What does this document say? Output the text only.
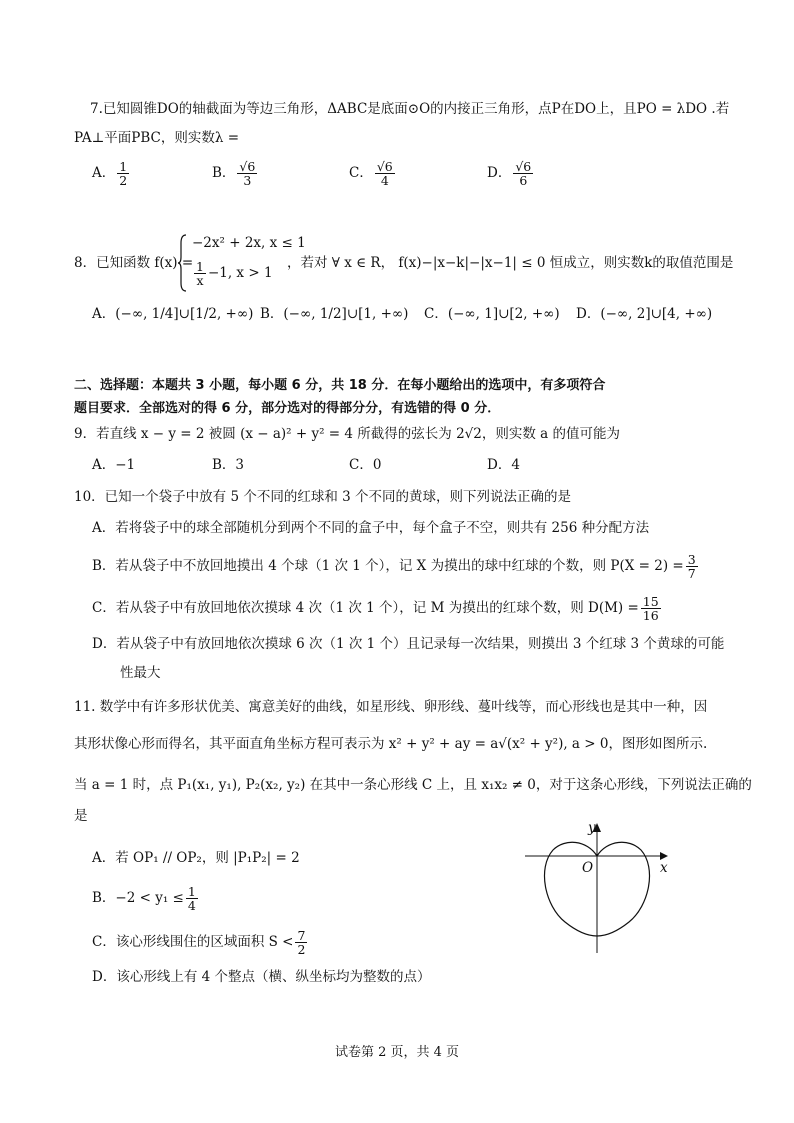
7.已知圆锥DO的轴截面为等边三角形，ΔABC是底面⊙O的内接正三角形，点P在DO上，且PO = λDO .若
PA⊥平面PBC，则实数λ =
A． $\frac{1}{2}$	B． $\frac{√6}{3}$	C． $\frac{√6}{4}$	D． $\frac{√6}{6}$
8．已知函数 f(x) =
−2x² + 2x, x ≤ 1
$\frac{1}{x} -1$, x > 1
，若对 ∀ x ∈ R， f(x)−|x−k|−|x−1| ≤ 0 恒成立，则实数k的取值范围是
A．(−∞, 1/4]∪[1/2, +∞) B．(−∞, 1/2]∪[1, +∞) C．(−∞, 1]∪[2, +∞) D．(−∞, 2]∪[4, +∞)
二、选择题：本题共 3 小题，每小题 6 分，共 18 分．在每小题给出的选项中，有多项符合
题目要求．全部选对的得 6 分，部分选对的得部分分，有选错的得 0 分．
9．若直线 x − y = 2 被圆 (x − a)² + y² = 4 所截得的弦长为 2√2，则实数 a 的值可能为
A．−1	B．3	C．0	D．4
10．已知一个袋子中放有 5 个不同的红球和 3 个不同的黄球，则下列说法正确的是
A．若将袋子中的球全部随机分到两个不同的盒子中，每个盒子不空，则共有 256 种分配方法
B．若从袋子中不放回地摸出 4 个球（1 次 1 个），记 X 为摸出的球中红球的个数，则 $P(X = 2) = \frac{3}{7}$
C．若从袋子中有放回地依次摸球 4 次（1 次 1 个），记 M 为摸出的红球个数，则 $D(M) = \frac{15}{16}$
D．若从袋子中有放回地依次摸球 6 次（1 次 1 个）且记录每一次结果，则摸出 3 个红球 3 个黄球的可能
性最大
11. 数学中有许多形状优美、寓意美好的曲线，如星形线、卵形线、蔓叶线等，而心形线也是其中一种，因
其形状像心形而得名，其平面直角坐标方程可表示为 x² + y² + ay = a√(x² + y²), a > 0，图形如图所示.
当 a = 1 时，点 P₁(x₁, y₁), P₂(x₂, y₂) 在其中一条心形线 C 上，且 x₁x₂ ≠ 0，对于这条心形线，下列说法正确的
是
A．若 OP₁ // OP₂，则 |P₁P₂| = 2
B．$-2 < y_1 \le \frac{1}{4}$
C．该心形线围住的区域面积 $S < \frac{7}{2}$
D．该心形线上有 4 个整点（横、纵坐标均为整数的点）
y
x
O
试卷第 2 页，共 4 页
